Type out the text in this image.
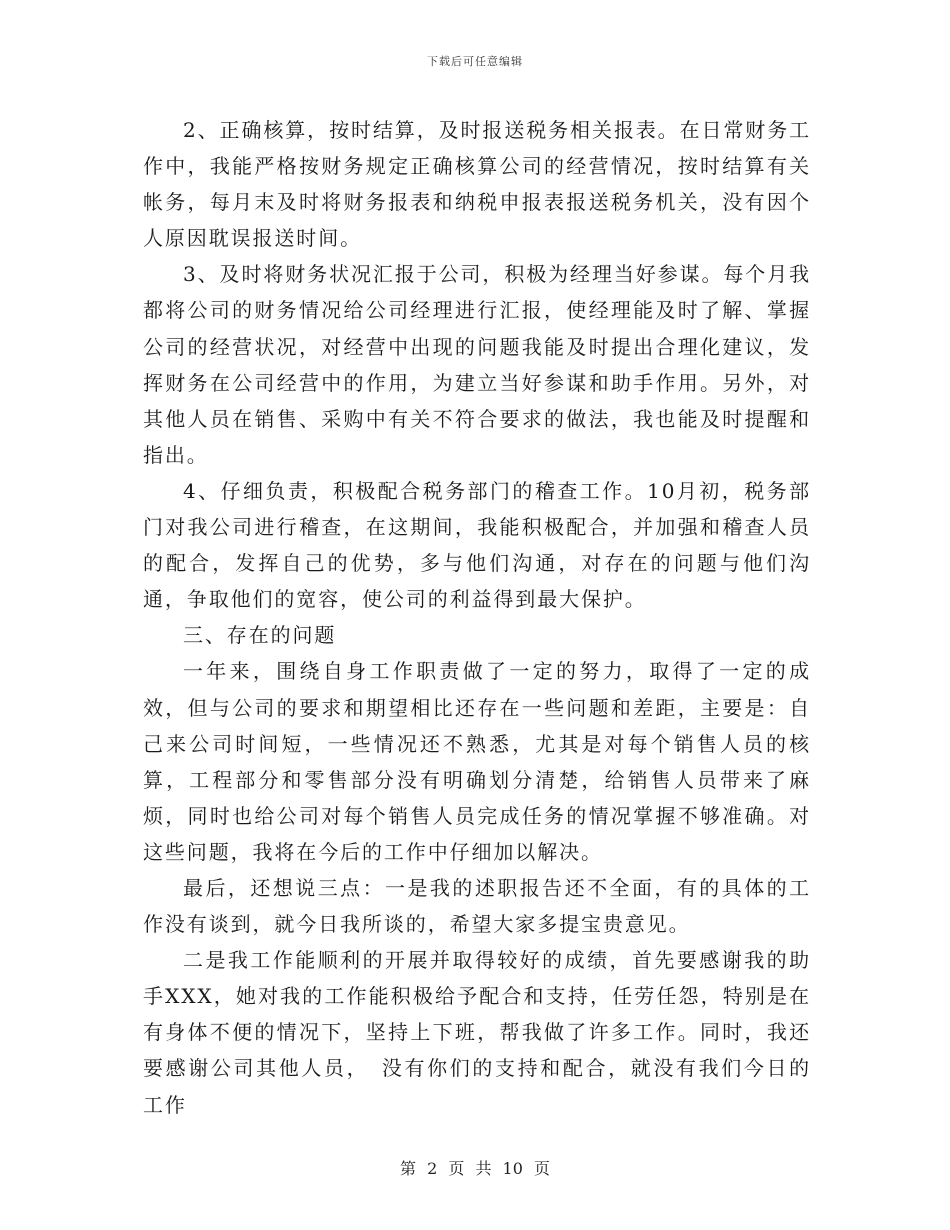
下载后可任意编辑

2、正确核算，按时结算，及时报送税务相关报表。在日常财务工作中，我能严格按财务规定正确核算公司的经营情况，按时结算有关帐务，每月末及时将财务报表和纳税申报表报送税务机关，没有因个人原因耽误报送时间。

3、及时将财务状况汇报于公司，积极为经理当好参谋。每个月我都将公司的财务情况给公司经理进行汇报，使经理能及时了解、掌握公司的经营状况，对经营中出现的问题我能及时提出合理化建议，发挥财务在公司经营中的作用，为建立当好参谋和助手作用。另外，对其他人员在销售、采购中有关不符合要求的做法，我也能及时提醒和指出。

4、仔细负责，积极配合税务部门的稽查工作。10月初，税务部门对我公司进行稽查，在这期间，我能积极配合，并加强和稽查人员的配合，发挥自己的优势，多与他们沟通，对存在的问题与他们沟通，争取他们的宽容，使公司的利益得到最大保护。

三、存在的问题

一年来，围绕自身工作职责做了一定的努力，取得了一定的成效，但与公司的要求和期望相比还存在一些问题和差距，主要是：自己来公司时间短，一些情况还不熟悉，尤其是对每个销售人员的核算，工程部分和零售部分没有明确划分清楚，给销售人员带来了麻烦，同时也给公司对每个销售人员完成任务的情况掌握不够准确。对这些问题，我将在今后的工作中仔细加以解决。

最后，还想说三点：一是我的述职报告还不全面，有的具体的工作没有谈到，就今日我所谈的，希望大家多提宝贵意见。

二是我工作能顺利的开展并取得较好的成绩，首先要感谢我的助手XXX，她对我的工作能积极给予配合和支持，任劳任怨，特别是在有身体不便的情况下，坚持上下班，帮我做了许多工作。同时，我还要感谢公司其他人员，　没有你们的支持和配合，就没有我们今日的工作

第 2 页 共 10 页
